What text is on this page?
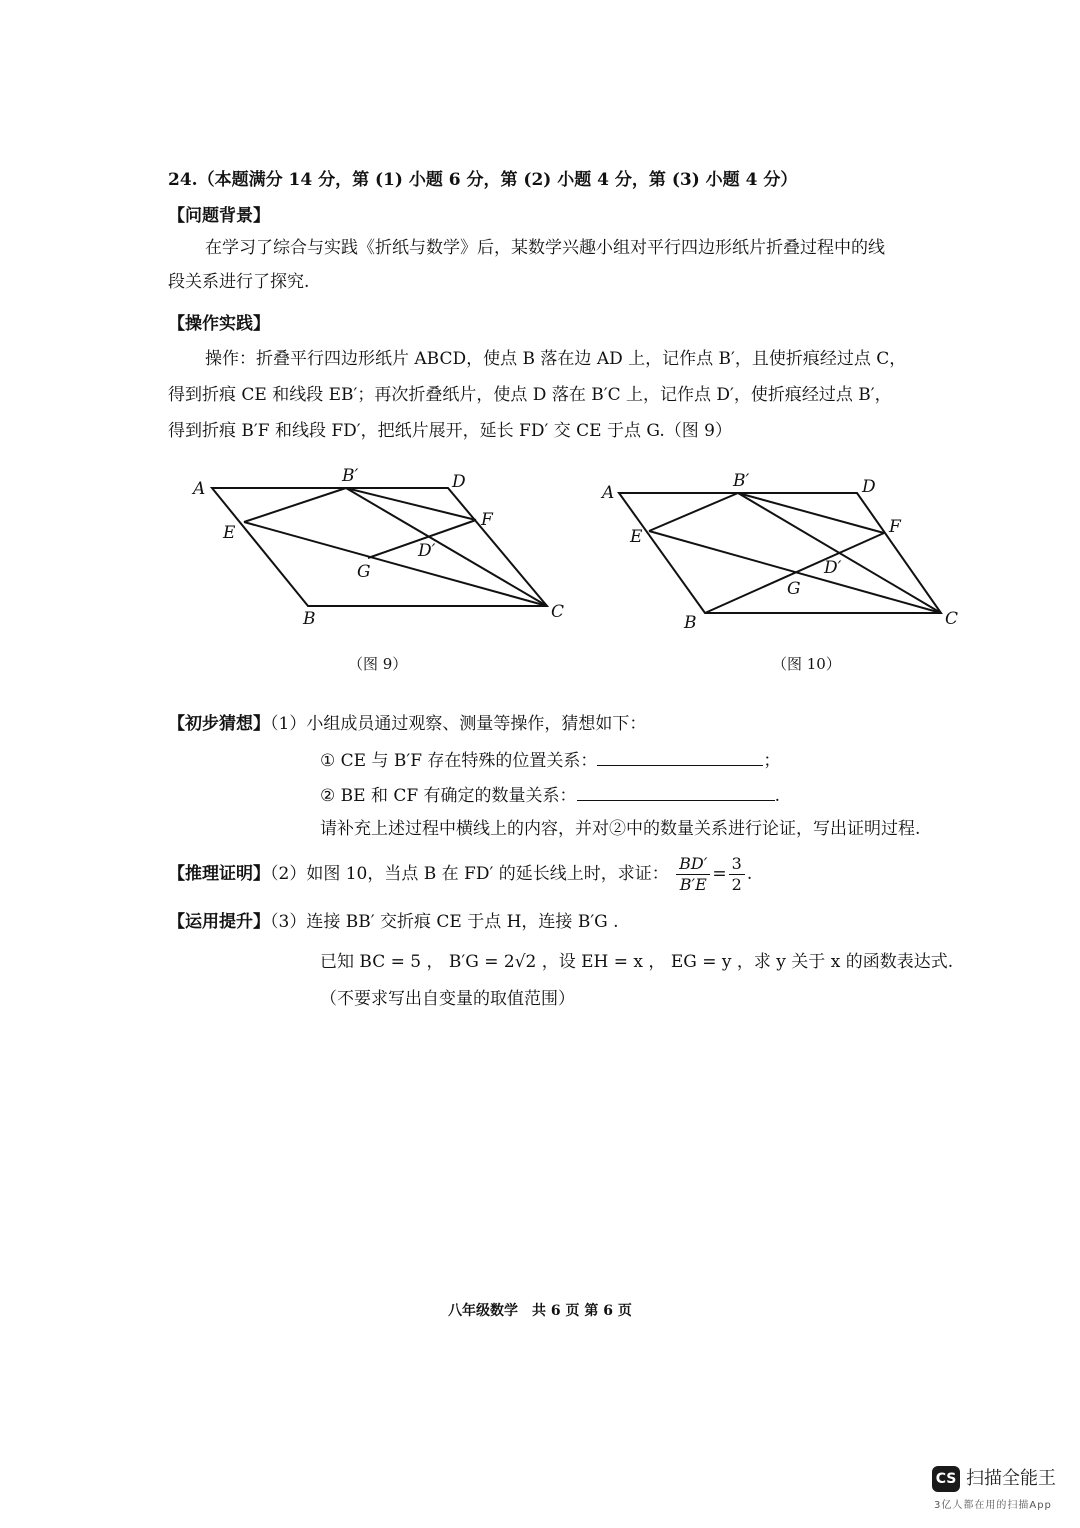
24.（本题满分 14 分，第 (1) 小题 6 分，第 (2) 小题 4 分，第 (3) 小题 4 分）
【问题背景】
在学习了综合与实践《折纸与数学》后，某数学兴趣小组对平行四边形纸片折叠过程中的线
段关系进行了探究.
【操作实践】
操作：折叠平行四边形纸片 ABCD，使点 B 落在边 AD 上，记作点 B′，且使折痕经过点 C，
得到折痕 CE 和线段 EB′；再次折叠纸片，使点 D 落在 B′C 上，记作点 D′，使折痕经过点 B′，
得到折痕 B′F 和线段 FD′，把纸片展开，延长 FD′ 交 CE 于点 G.（图 9）
A
B′	D
E
F
D′
G
B	C
A
B′	D
E	F
D′
G
B	C
（图 9）	（图 10）
【初步猜想】（1）小组成员通过观察、测量等操作，猜想如下：
① CE 与 B′F 存在特殊的位置关系：	；
② BE 和 CF 有确定的数量关系：	.
请补充上述过程中横线上的内容，并对②中的数量关系进行论证，写出证明过程.
【推理证明】（2）如图 10，当点 B 在 FD′ 的延长线上时，求证： $\frac{BD'}{B'E} = \frac{3}{2}$ .
【运用提升】（3）连接 BB′ 交折痕 CE 于点 H，连接 B′G .
已知 BC = 5 ， B′G = 2√2 ，设 EH = x ， EG = y ，求 y 关于 x 的函数表达式.
（不要求写出自变量的取值范围）
八年级数学　共 6 页 第 6 页
CS 扫描全能王
3亿人都在用的扫描App
